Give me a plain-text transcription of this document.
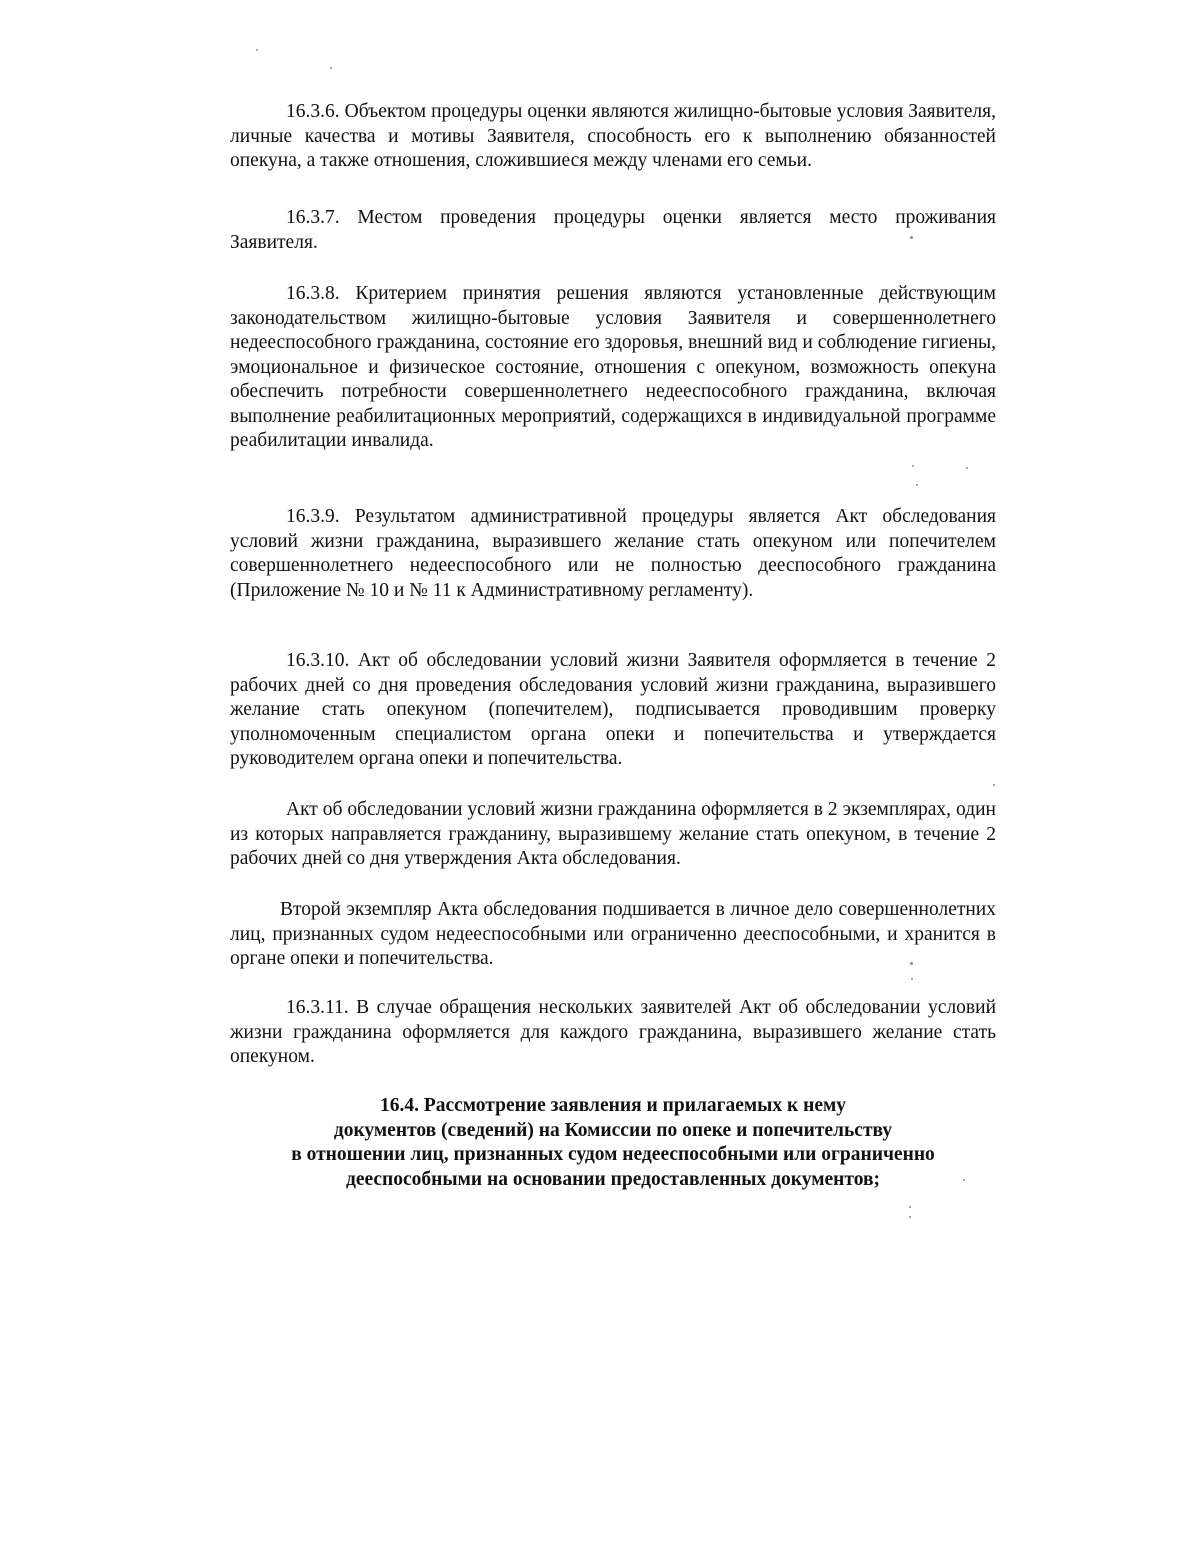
16.3.6. Объектом процедуры оценки являются жилищно-бытовые условия Заявителя, личные качества и мотивы Заявителя, способность его к выполнению обязанностей опекуна, а также отношения, сложившиеся между членами его семьи.
16.3.7. Местом проведения процедуры оценки является место проживания Заявителя.
16.3.8. Критерием принятия решения являются установленные действующим законодательством жилищно-бытовые условия Заявителя и совершеннолетнего недееспособного гражданина, состояние его здоровья, внешний вид и соблюдение гигиены, эмоциональное и физическое состояние, отношения с опекуном, возможность опекуна обеспечить потребности совершеннолетнего недееспособного гражданина, включая выполнение реабилитационных мероприятий, содержащихся в индивидуальной программе реабилитации инвалида.
16.3.9. Результатом административной процедуры является Акт обследования условий жизни гражданина, выразившего желание стать опекуном или попечителем совершеннолетнего недееспособного или не полностью дееспособного гражданина (Приложение № 10 и № 11 к Административному регламенту).
16.3.10. Акт об обследовании условий жизни Заявителя оформляется в течение 2 рабочих дней со дня проведения обследования условий жизни гражданина, выразившего желание стать опекуном (попечителем), подписывается проводившим проверку уполномоченным специалистом органа опеки и попечительства и утверждается руководителем органа опеки и попечительства.
Акт об обследовании условий жизни гражданина оформляется в 2 экземплярах, один из которых направляется гражданину, выразившему желание стать опекуном, в течение 2 рабочих дней со дня утверждения Акта обследования.
Второй экземпляр Акта обследования подшивается в личное дело совершеннолетних лиц, признанных судом недееспособными или ограниченно дееспособными, и хранится в органе опеки и попечительства.
16.3.11. В случае обращения нескольких заявителей Акт об обследовании условий жизни гражданина оформляется для каждого гражданина, выразившего желание стать опекуном.
16.4. Рассмотрение заявления и прилагаемых к нему
документов (сведений) на Комиссии по опеке и попечительству
в отношении лиц, признанных судом недееспособными или ограниченно
дееспособными на основании предоставленных документов;
